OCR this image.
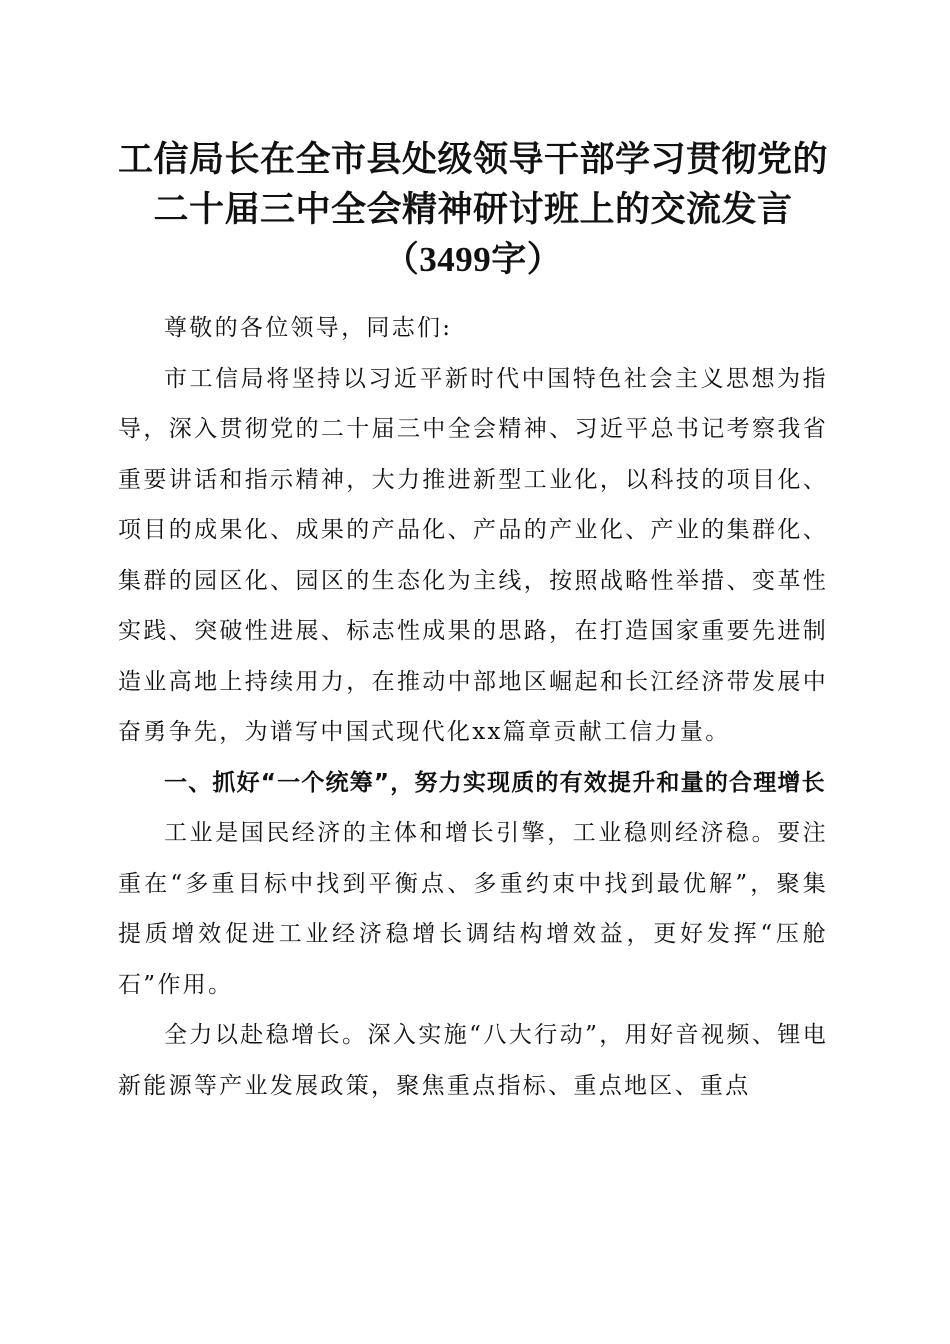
工信局长在全市县处级领导干部学习贯彻党的
二十届三中全会精神研讨班上的交流发言
（3499字）

尊敬的各位领导，同志们:

市工信局将坚持以习近平新时代中国特色社会主义思想为指导，深入贯彻党的二十届三中全会精神、习近平总书记考察我省重要讲话和指示精神，大力推进新型工业化，以科技的项目化、项目的成果化、成果的产品化、产品的产业化、产业的集群化、集群的园区化、园区的生态化为主线，按照战略性举措、变革性实践、突破性进展、标志性成果的思路，在打造国家重要先进制造业高地上持续用力，在推动中部地区崛起和长江经济带发展中奋勇争先，为谱写中国式现代化xx篇章贡献工信力量。

一、抓好“一个统筹”，努力实现质的有效提升和量的合理增长

工业是国民经济的主体和增长引擎，工业稳则经济稳。要注重在“多重目标中找到平衡点、多重约束中找到最优解”，聚集提质增效促进工业经济稳增长调结构增效益，更好发挥“压舱石”作用。

全力以赴稳增长。深入实施“八大行动”，用好音视频、锂电新能源等产业发展政策，聚焦重点指标、重点地区、重点
